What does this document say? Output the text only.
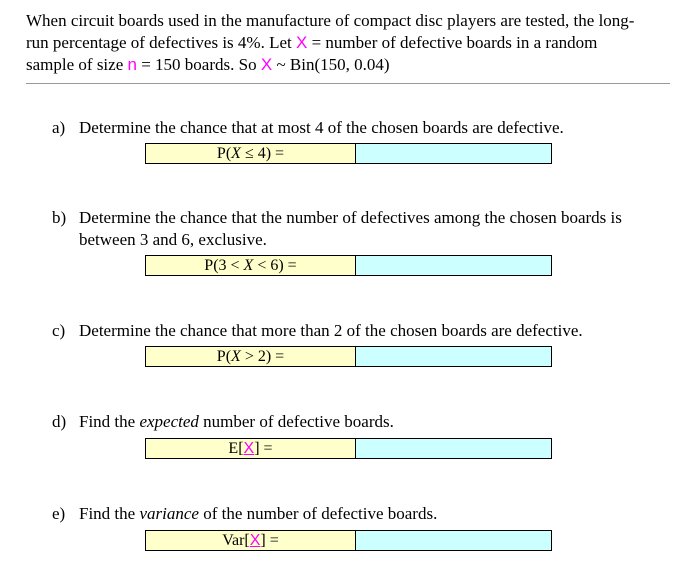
When circuit boards used in the manufacture of compact disc players are tested, the long-
run percentage of defectives is 4%. Let X = number of defective boards in a random
sample of size n = 150 boards. So X ~ Bin(150, 0.04)
a) Determine the chance that at most 4 of the chosen boards are defective.
P(X ≤ 4) =
b) Determine the chance that the number of defectives among the chosen boards is between 3 and 6, exclusive.
P(3 < X < 6) =
c) Determine the chance that more than 2 of the chosen boards are defective.
P(X > 2) =
d) Find the expected number of defective boards.
E[X] =
e) Find the variance of the number of defective boards.
Var[X] =
